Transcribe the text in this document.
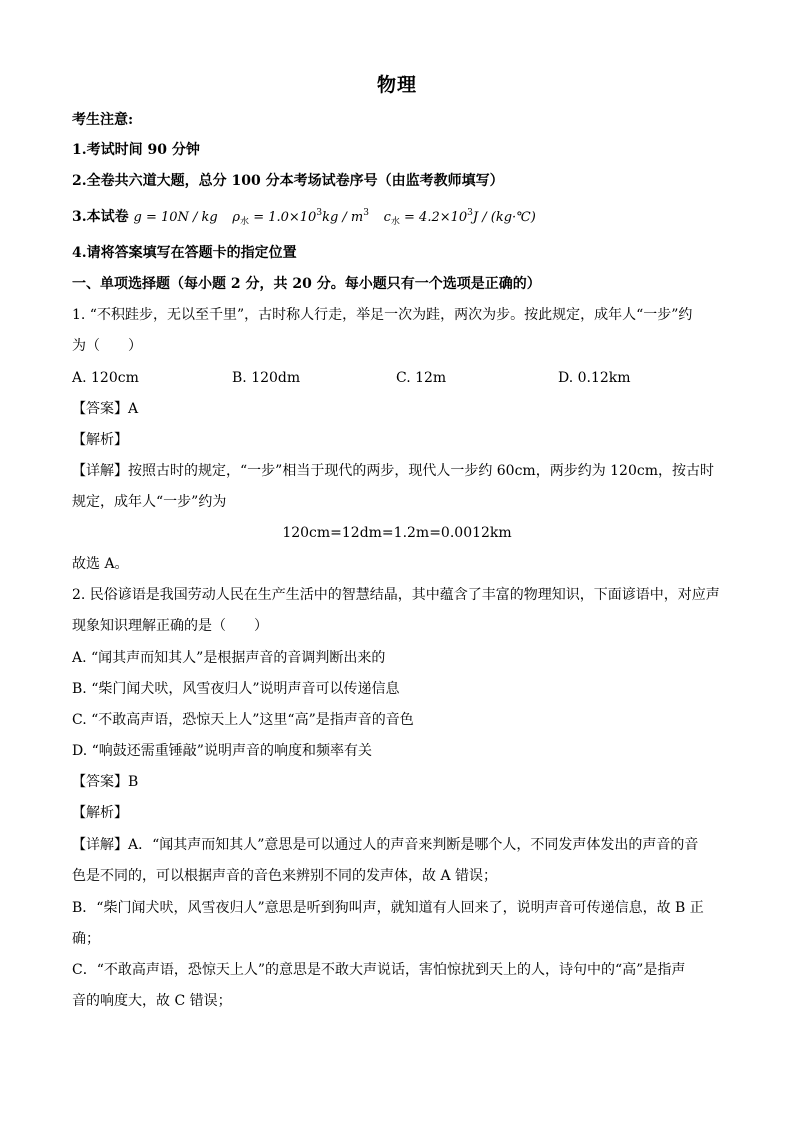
物理
考生注意:
1.考试时间 90 分钟
2.全卷共六道大题，总分 100 分本考场试卷序号（由监考教师填写）
3.本试卷 g = 10N / kg $\rho_水 = 1.0\times 10^3kg / m^3$ $c_水 = 4.2\times 10^3J$ / (kg·℃)
4.请将答案填写在答题卡的指定位置
一、单项选择题（每小题 2 分，共 20 分。每小题只有一个选项是正确的）
1. “不积跬步，无以至千里”，古时称人行走，举足一次为跬，两次为步。按此规定，成年人“一步”约
为（　　）
A. 120cm	B. 120dm	C. 12m	D. 0.12km
【答案】A
【解析】
【详解】按照古时的规定，“一步”相当于现代的两步，现代人一步约 60cm，两步约为 120cm，按古时
规定，成年人“一步”约为
120cm=12dm=1.2m=0.0012km
故选 A。
2. 民俗谚语是我国劳动人民在生产生活中的智慧结晶，其中蕴含了丰富的物理知识，下面谚语中，对应声
现象知识理解正确的是（　　）
A. “闻其声而知其人”是根据声音的音调判断出来的
B. “柴门闻犬吠，风雪夜归人”说明声音可以传递信息
C. “不敢高声语，恐惊天上人”这里“高”是指声音的音色
D. “响鼓还需重锤敲”说明声音的响度和频率有关
【答案】B
【解析】
【详解】A．“闻其声而知其人”意思是可以通过人的声音来判断是哪个人，不同发声体发出的声音的音
色是不同的，可以根据声音的音色来辨别不同的发声体，故 A 错误；
B．“柴门闻犬吠，风雪夜归人”意思是听到狗叫声，就知道有人回来了，说明声音可传递信息，故 B 正
确；
C．“不敢高声语，恐惊天上人”的意思是不敢大声说话，害怕惊扰到天上的人，诗句中的“高”是指声
音的响度大，故 C 错误；
